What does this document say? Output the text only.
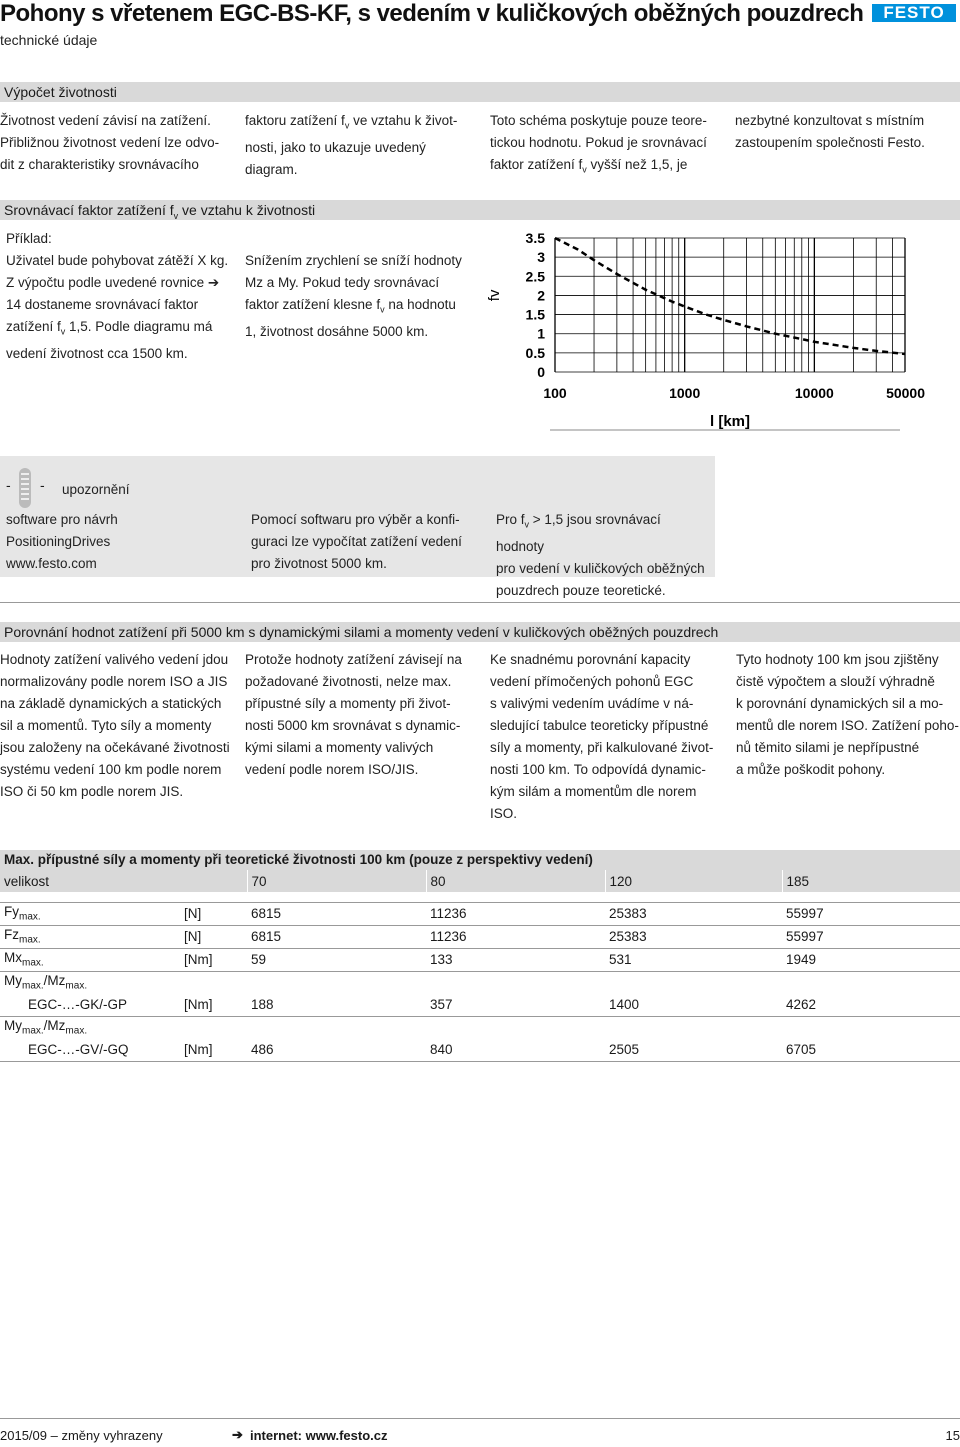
Pohony s vřetenem EGC-BS-KF, s vedením v kuličkových oběžných pouzdrech
technické údaje
FESTO
Výpočet životnosti
Životnost vedení závisí na zatížení.
Přibližnou životnost vedení lze odvo-
dit z charakteristiky srovnávacího
faktoru zatížení $f_v$ ve vztahu k život-
nosti, jako to ukazuje uvedený
diagram.
Toto schéma poskytuje pouze teore-
tickou hodnotu. Pokud je srovnávací
faktor zatížení $f_v$ vyšší než 1,5, je
nezbytné konzultovat s místním
zastoupením společnosti Festo.
Srovnávací faktor zatížení $f_v$ ve vztahu k životnosti
Příklad:
Uživatel bude pohybovat zátěží X kg.
Z výpočtu podle uvedené rovnice ➔
14 dostaneme srovnávací faktor
zatížení $f_v$ 1,5. Podle diagramu má
vedení životnost cca 1500 km.
Snížením zrychlení se sníží hodnoty
Mz a My. Pokud tedy srovnávací
faktor zatížení klesne $f_v$ na hodnotu
1, životnost dosáhne 5000 km.
3.5
3
2.5
2
1.5
1
0.5
0
100	1000	10000	50000
fv
l [km]
- - upozornění
software pro návrh
PositioningDrives
www.festo.com
Pomocí softwaru pro výběr a konfi-
guraci lze vypočítat zatížení vedení
pro životnost 5000 km.
Pro $f_v > 1,5$ jsou srovnávací hodnoty
pro vedení v kuličkových oběžných
pouzdrech pouze teoretické.
Porovnání hodnot zatížení při 5000 km s dynamickými silami a momenty vedení v kuličkových oběžných pouzdrech
Hodnoty zatížení valivého vedení jdou
normalizovány podle norem ISO a JIS
na základě dynamických a statických
sil a momentů. Tyto síly a momenty
jsou založeny na očekávané životnosti
systému vedení 100 km podle norem
ISO či 50 km podle norem JIS.
Protože hodnoty zatížení závisejí na
požadované životnosti, nelze max.
přípustné síly a momenty při život-
nosti 5000 km srovnávat s dynamic-
kými silami a momenty valivých
vedení podle norem ISO/JIS.
Ke snadnému porovnání kapacity
vedení přímočených pohonů EGC
s valivými vedením uvádíme v ná-
sledující tabulce teoreticky přípustné
síly a momenty, při kalkulované život-
nosti 100 km. To odpovídá dynamic-
kým silám a momentům dle norem
ISO.
Tyto hodnoty 100 km jsou zjištěny
čistě výpočtem a slouží výhradně
k porovnání dynamických sil a mo-
mentů dle norem ISO. Zatížení poho-
nů těmito silami je nepřípustné
a může poškodit pohony.
Max. přípustné síly a momenty při teoretické životnosti 100 km (pouze z perspektivy vedení)
velikost			70	80	120	185

$Fy_{max.}$		[N]	6815	11236	25383	55997
$Fz_{max.}$		[N]	6815	11236	25383	55997
$Mx_{max.}$		[Nm]	59	133	531	1949
$My_{max.}/Mz_{max.}$
	EGC-…-GK/-GP	[Nm]	188	357	1400	4262
$My_{max.}/Mz_{max.}$
	EGC-…-GV/-GQ	[Nm]	486	840	2505	6705
2015/09 – změny vyhrazeny	➔ internet: www.festo.cz	15
